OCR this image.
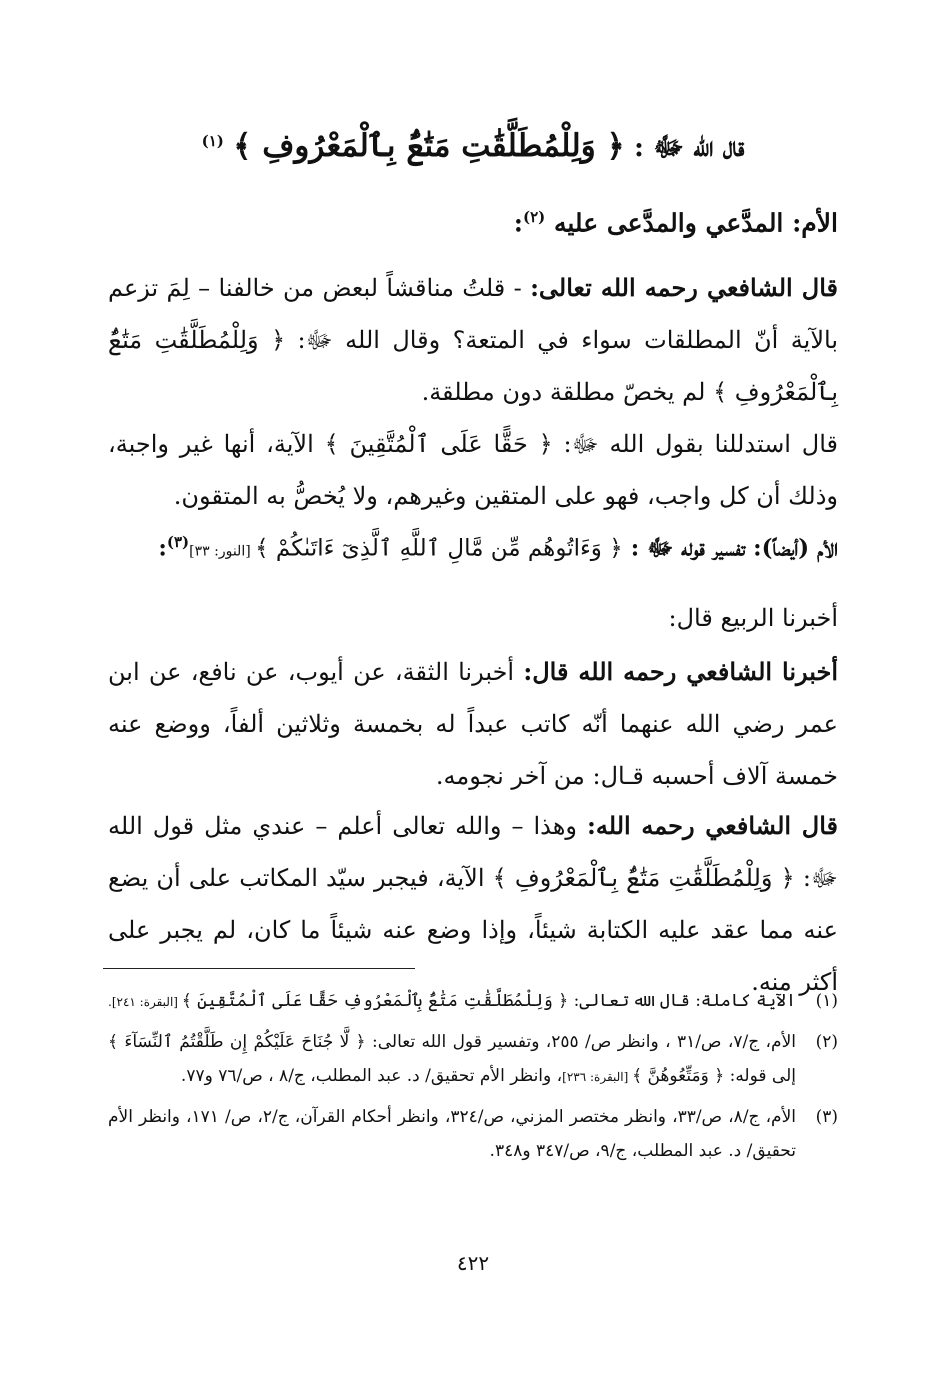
قال الله ﷻ : ﴿ وَلِلْمُطَلَّقَٰتِ مَتَٰعٌۢ بِٱلْمَعْرُوفِ ﴾ $^{(١)}$
الأم: المدَّعي والمدَّعى عليه $^{(٢)}$:
قال الشافعي رحمه الله تعالى: - قلتُ مناقشاً لبعض من خالفنا – لِمَ تزعم بالآية أنّ المطلقات سواء في المتعة؟ وقال الله ﷻ: ﴿ وَلِلْمُطَلَّقَٰتِ مَتَٰعٌۢ بِٱلْمَعْرُوفِ ﴾ لم يخصّ مطلقة دون مطلقة.
قال استدللنا بقول الله ﷻ: ﴿ حَقًّا عَلَى ٱلْمُتَّقِينَ ﴾ الآية، أنها غير واجبة، وذلك أن كل واجب، فهو على المتقين وغيرهم، ولا يُخصُّ به المتقون.
الأم (أيضاً): تفسير قوله ﷻ : ﴿ وَءَاتُوهُم مِّن مَّالِ ٱللَّهِ ٱلَّذِىٓ ءَاتَىٰكُمْ ﴾ [النور: ٣٣]$^{(٣)}$:
أخبرنا الربيع قال:
أخبرنا الشافعي رحمه الله قال: أخبرنا الثقة، عن أيوب، عن نافع، عن ابن عمر رضي الله عنهما أنّه كاتب عبداً له بخمسة وثلاثين ألفاً، ووضع عنه خمسة آلاف أحسبه قـال: من آخر نجومه.
قال الشافعي رحمه الله: وهذا – والله تعالى أعلم – عندي مثل قول الله ﷻ: ﴿ وَلِلْمُطَلَّقَٰتِ مَتَٰعٌۢ بِٱلْمَعْرُوفِ ﴾ الآية، فيجبر سيّد المكاتب على أن يضع عنه مما عقد عليه الكتابة شيئاً، وإذا وضع عنه شيئاً ما كان، لم يجبر على أكثر منه.
(١)
الآية كاملة: قال الله تعالى: ﴿ وَلِلْمُطَلَّقَٰتِ مَتَٰعٌۢ بِٱلْمَعْرُوفِ حَقًّا عَلَى ٱلْمُتَّقِينَ ﴾ [البقرة: ٢٤١].
(٢)
الأم، ج/٧، ص/٣١ ، وانظر ص/ ٢٥٥، وتفسير قول الله تعالى: ﴿ لَّا جُنَاحَ عَلَيْكُمْ إِن طَلَّقْتُمُ ٱلنِّسَآءَ ﴾ إلى قوله: ﴿ وَمَتِّعُوهُنَّ ﴾ [البقرة: ٢٣٦]، وانظر الأم تحقيق/ د. عبد المطلب، ج/٨ ، ص/٧٦ و٧٧.
(٣)
الأم، ج/٨، ص/٣٣، وانظر مختصر المزني، ص/٣٢٤، وانظر أحكام القرآن، ج/٢، ص/ ١٧١، وانظر الأم تحقيق/ د. عبد المطلب، ج/٩، ص/٣٤٧ و٣٤٨.
٤٢٢
